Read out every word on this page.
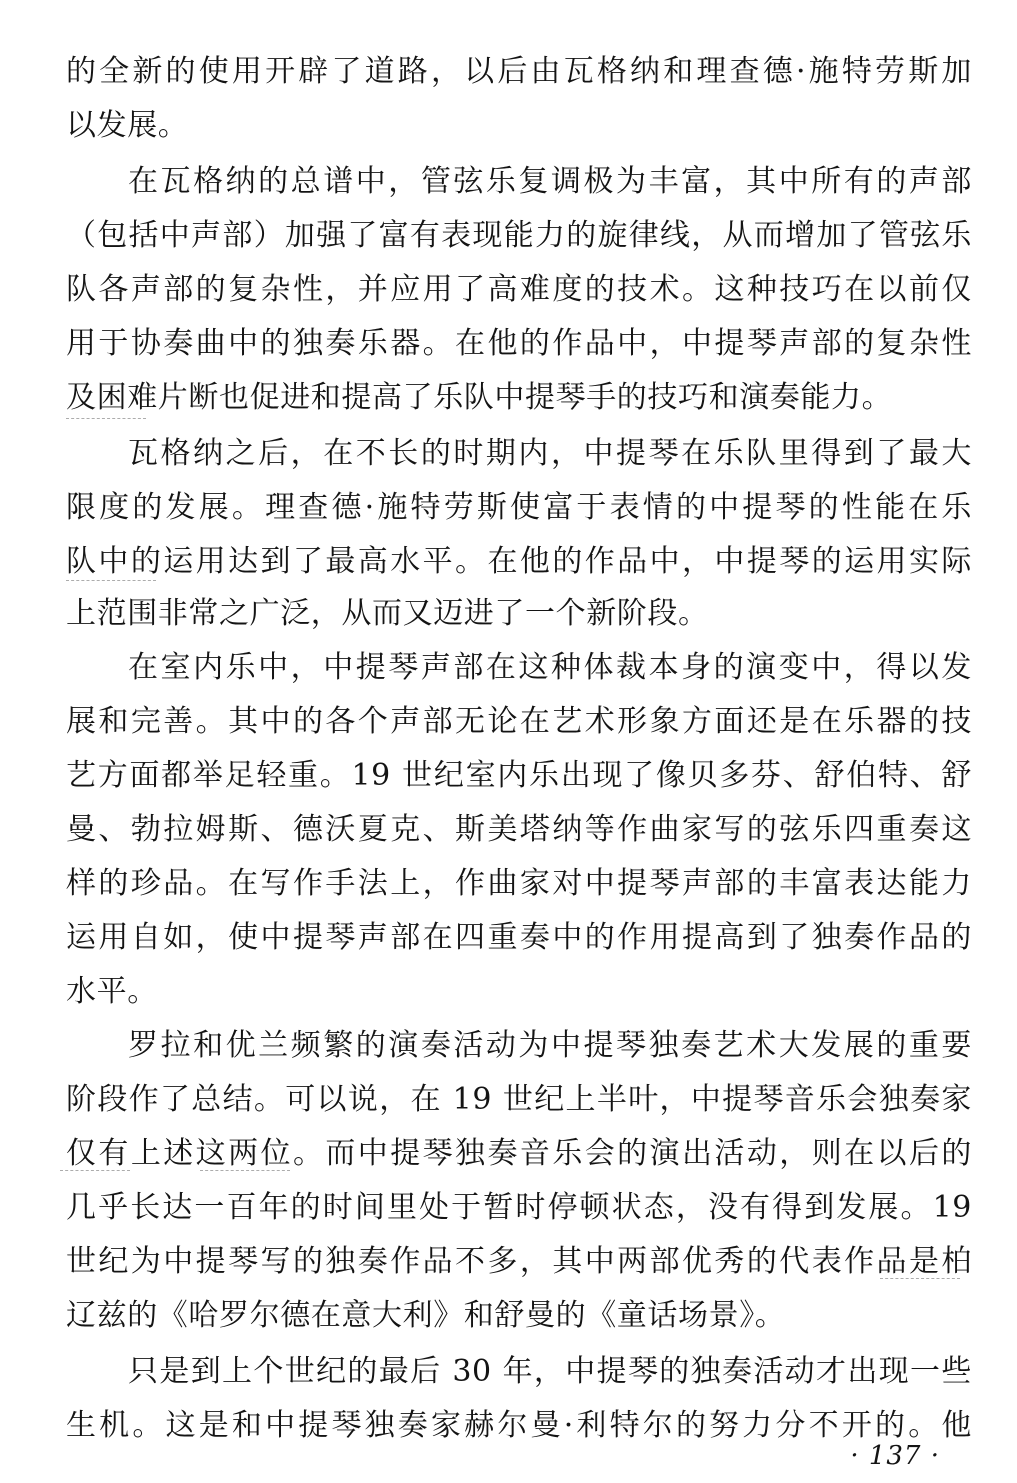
的全新的使用开辟了道路，以后由瓦格纳和理查德·施特劳斯加
以发展。
在瓦格纳的总谱中，管弦乐复调极为丰富，其中所有的声部
（包括中声部）加强了富有表现能力的旋律线，从而增加了管弦乐
队各声部的复杂性，并应用了高难度的技术。这种技巧在以前仅
用于协奏曲中的独奏乐器。在他的作品中，中提琴声部的复杂性
及困难片断也促进和提高了乐队中提琴手的技巧和演奏能力。
瓦格纳之后，在不长的时期内，中提琴在乐队里得到了最大
限度的发展。理查德·施特劳斯使富于表情的中提琴的性能在乐
队中的运用达到了最高水平。在他的作品中，中提琴的运用实际
上范围非常之广泛，从而又迈进了一个新阶段。
在室内乐中，中提琴声部在这种体裁本身的演变中，得以发
展和完善。其中的各个声部无论在艺术形象方面还是在乐器的技
艺方面都举足轻重。19 世纪室内乐出现了像贝多芬、舒伯特、舒
曼、勃拉姆斯、德沃夏克、斯美塔纳等作曲家写的弦乐四重奏这
样的珍品。在写作手法上，作曲家对中提琴声部的丰富表达能力
运用自如，使中提琴声部在四重奏中的作用提高到了独奏作品的
水平。
罗拉和优兰频繁的演奏活动为中提琴独奏艺术大发展的重要
阶段作了总结。可以说，在 19 世纪上半叶，中提琴音乐会独奏家
仅有上述这两位。而中提琴独奏音乐会的演出活动，则在以后的
几乎长达一百年的时间里处于暂时停顿状态，没有得到发展。19
世纪为中提琴写的独奏作品不多，其中两部优秀的代表作品是柏
辽兹的《哈罗尔德在意大利》和舒曼的《童话场景》。
只是到上个世纪的最后 30 年，中提琴的独奏活动才出现一些
生机。这是和中提琴独奏家赫尔曼·利特尔的努力分不开的。他
· 137 ·
